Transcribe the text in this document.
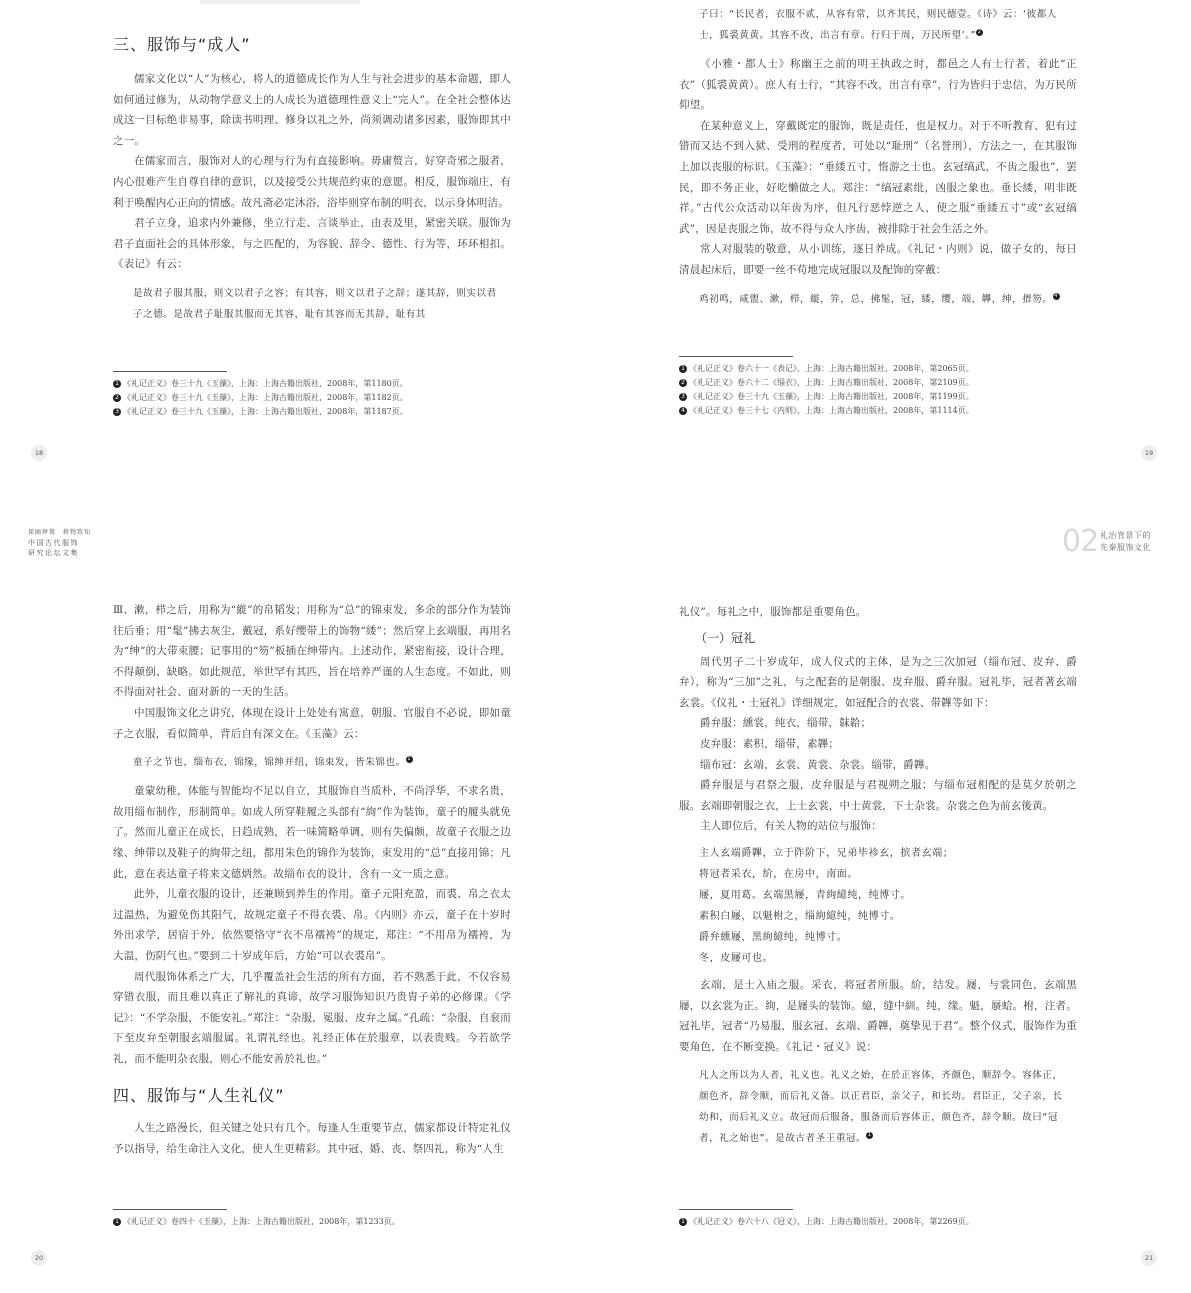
三、服饰与“成人”

儒家文化以“人”为核心，将人的道德成长作为人生与社会进步的基本命题，即人如何通过修为，从动物学意义上的人成长为道德理性意义上“完人”。在全社会整体达成这一目标绝非易事，除读书明理、修身以礼之外，尚须调动诸多因素，服饰即其中之一。

在儒家而言，服饰对人的心理与行为有直接影响。毋庸赘言，好穿奇邪之服者，内心很难产生自尊自律的意识，以及接受公共规范约束的意愿。相反，服饰端庄，有利于唤醒内心正向的情感。故凡斋必定沐浴，浴毕则穿布制的明衣，以示身体明洁。

君子立身，追求内外兼修，坐立行走、言谈举止，由表及里，紧密关联。服饰为君子直面社会的具体形象，与之匹配的，为容貌、辞令、德性、行为等，环环相扣。《表记》有云：

是故君子服其服，则文以君子之容；有其容，则文以君子之辞；遂其辞，则实以君子之德。是故君子耻服其服而无其容，耻有其容而无其辞，耻有其
1 《礼记正义》卷三十九《玉藻》，上海：上海古籍出版社，2008年，第1180页。
2 《礼记正义》卷三十九《玉藻》，上海：上海古籍出版社，2008年，第1182页。
3 《礼记正义》卷三十九《玉藻》，上海：上海古籍出版社，2008年，第1187页。
18
子曰：“长民者，衣服不贰，从容有常，以齐其民，则民德壹。《诗》云：‘彼都人士，狐裘黄黄。其容不改，出言有章。行归于周，万民所望’。” $^2$

《小雅・都人士》称幽王之前的明王执政之时，都邑之人有士行者，着此“正衣”（狐裘黄黄）。庶人有士行，“其容不改，出言有章”，行为皆归于忠信，为万民所仰望。

在某种意义上，穿戴既定的服饰，既是责任，也是权力。对于不听教育、犯有过错而又达不到入狱、受刑的程度者，可处以“耻刑”（名誉刑），方法之一，在其服饰上加以丧服的标识。《玉藻》：“垂緌五寸，惰游之士也。玄冠缟武，不齿之服也”，罢民，即不务正业，好吃懒做之人。郑注：“缟冠素纰，凶服之象也。垂长緌，明非既祥。”古代公众活动以年齿为序，但凡行恶悖逆之人，使之服“垂緌五寸”或“玄冠缟武”，因是丧服之饰，故不得与众人序齿，被排除于社会生活之外。

常人对服装的敬意，从小训练，逐日养成。《礼记・内则》说，做子女的，每日清晨起床后，即要一丝不苟地完成冠服以及配饰的穿戴：

鸡初鸣，咸盥、漱，栉，縰，笄，总，拂髦，冠，緌，缨，端，韠，绅，搢笏。 $^4$
1 《礼记正义》卷六十一《表记》，上海：上海古籍出版社，2008年，第2065页。
2 《礼记正义》卷六十二《缁衣》，上海：上海古籍出版社，2008年，第2109页。
3 《礼记正义》卷三十九《玉藻》，上海：上海古籍出版社，2008年，第1199页。
4 《礼记正义》卷三十七《内则》，上海：上海古籍出版社，2008年，第1114页。
19
探幽释微　格物致知
中国古代服饰
研究论坛文集	02 礼治背景下的
先秦服饰文化

Ⅲ、漱，栉之后，用称为“縰”的帛韬发；用称为“总”的锦束发，多余的部分作为装饰往后垂；用“髦”拂去灰尘，戴冠，系好缨带上的饰物“緌”；然后穿上玄端服，再用名为“绅”的大带束腰；记事用的“笏”板插在绅带内。上述动作，紧密衔接，设计合理，不得颠倒、缺略。如此规范，举世罕有其匹，旨在培养严谨的人生态度。不如此，则不得面对社会、面对新的一天的生活。

中国服饰文化之讲究，体现在设计上处处有寓意，朝服、官服自不必说，即如童子之衣服，看似简单，背后自有深文在。《玉藻》云：

童子之节也，缁布衣，锦缘，锦绅并纽，锦束发，皆朱锦也。 $^1$

童蒙幼稚，体能与智能均不足以自立，其服饰自当质朴，不尚浮华，不求名贵，故用缁布制作，形制简单。如成人所穿鞋履之头部有“絇”作为装饰，童子的履头就免了。然而儿童正在成长，日趋成熟，若一味简略单调，则有失偏颇，故童子衣服之边缘、绅带以及鞋子的絇带之纽，都用朱色的锦作为装饰，束发用的“总”直接用锦；凡此，意在表达童子将来文德炳然。故缁布衣的设计，含有一文一质之意。

此外，儿童衣服的设计，还兼顾到养生的作用。童子元阳充盈，而裘、帛之衣太过温热，为避免伤其阳气，故规定童子不得衣裘、帛。《内则》亦云，童子在十岁时外出求学，居宿于外，依然要恪守“衣不帛襦袴”的规定，郑注：“不用帛为襦袴，为大温，伤阴气也。”要到二十岁成年后，方始“可以衣裘帛”。

周代服饰体系之广大，几乎覆盖社会生活的所有方面，若不熟悉于此，不仅容易穿错衣服，而且难以真正了解礼的真谛，故学习服饰知识乃贵胄子弟的必修课。《学记》：“不学杂服，不能安礼。”郑注：“杂服，冕服、皮弁之属。”孔疏：“杂服，自衮而下至皮弁至朝服玄端服属。礼谓礼经也。礼经正体在於服章，以表贵贱。今若欲学礼，而不能明杂衣服，则心不能安善於礼也。”

四、服饰与“人生礼仪”

人生之路漫长，但关键之处只有几个。每逢人生重要节点，儒家都设计特定礼仪予以指导，给生命注入文化，使人生更精彩。其中冠、婚、丧、祭四礼，称为“人生

1 《礼记正义》卷四十《玉藻》，上海：上海古籍出版社，2008年，第1233页。
20

礼仪”。每礼之中，服饰都是重要角色。

（一）冠礼

周代男子二十岁成年，成人仪式的主体，是为之三次加冠（缁布冠、皮弁、爵弁），称为“三加”之礼，与之配套的是朝服、皮弁服、爵弁服。冠礼毕，冠者著玄端玄裳。《仪礼・士冠礼》详细规定，如冠配合的衣裳、带韠等如下：

爵弁服：纁裳，纯衣，缁带，韎韐；

皮弁服：素积，缁带，素韠；

缁布冠：玄端，玄裳、黄裳、杂裳。缁带，爵韠。

爵弁服是与君祭之服，皮弁服是与君视朔之服；与缁布冠相配的是莫夕於朝之服。玄端即朝服之衣，上士玄裳，中士黄裳，下士杂裳。杂裳之色为前玄後黄。

主人即位后，有关人物的站位与服饰：

主人玄端爵韠，立于阼阶下，兄弟毕袗玄，摈者玄端；
将冠者采衣，紒，在房中，南面。
屦，夏用葛。玄端黑屦，青絇繶纯，纯博寸。
素积白屦，以魁柎之，缁絇繶纯，纯博寸。
爵弁纁屦，黑絇繶纯，纯博寸。
冬，皮屦可也。

玄端，是士入庙之服。采衣，将冠者所服。紒，结发。屦，与裳同色，玄端黑屦，以玄裳为正。絇，是屦头的装饰。繶，缝中紃。纯，缘。魁，蜃蛤。柎，注者。冠礼毕，冠者“乃易服，服玄冠、玄端、爵韠，奠挚见于君”。整个仪式，服饰作为重要角色，在不断变换。《礼记・冠义》说：

凡人之所以为人者，礼义也。礼义之始，在於正容体，齐颜色，顺辞令。容体正，颜色齐，辞令顺，而后礼义备。以正君臣，亲父子，和长幼。君臣正，父子亲，长幼和，而后礼义立。故冠而后服备，服备而后容体正，颜色齐，辞令顺。故曰“冠者，礼之始也”。是故古者圣王重冠。 $^1$
1 《礼记正义》卷六十八《冠义》，上海：上海古籍出版社，2008年，第2269页。
21
